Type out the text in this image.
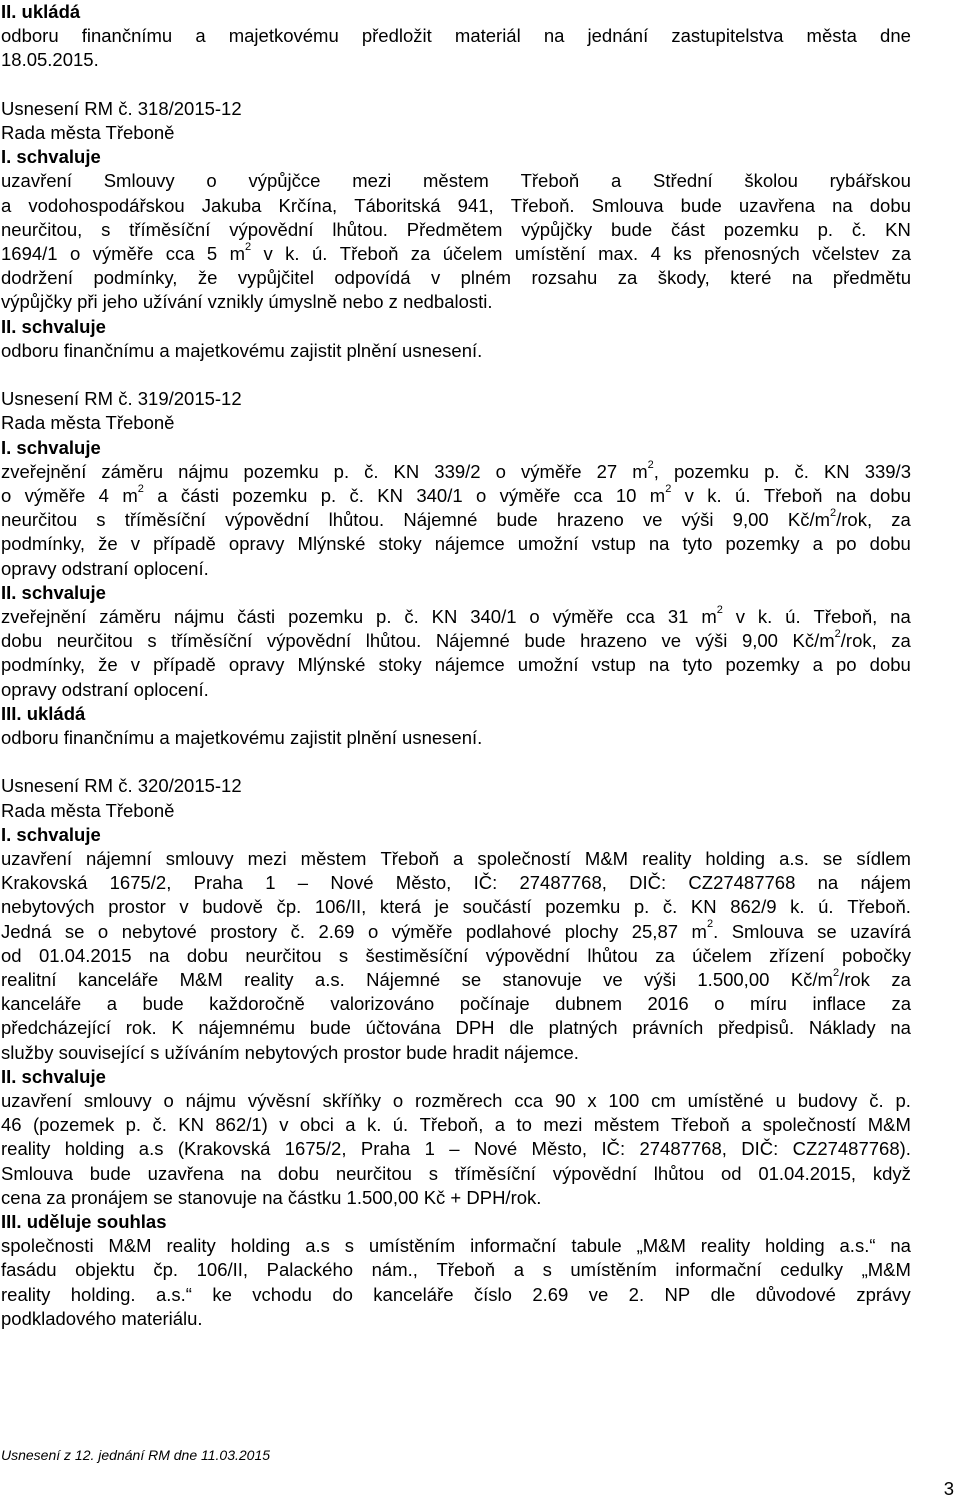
II. ukládá
odboru finančnímu a majetkovému předložit materiál na jednání zastupitelstva města dne
18.05.2015.
Usnesení RM č. 318/2015-12
Rada města Třeboně
I. schvaluje
uzavření Smlouvy o výpůjčce mezi městem Třeboň a Střední školou rybářskou
a vodohospodářskou Jakuba Krčína, Táboritská 941, Třeboň. Smlouva bude uzavřena na dobu
neurčitou, s tříměsíční výpovědní lhůtou. Předmětem výpůjčky bude část pozemku p. č. KN
1694/1 o výměře cca 5 $m^2$ v k. ú. Třeboň za účelem umístění max. 4 ks přenosných včelstev za
dodržení podmínky, že vypůjčitel odpovídá v plném rozsahu za škody, které na předmětu
výpůjčky při jeho užívání vznikly úmyslně nebo z nedbalosti.
II. schvaluje
odboru finančnímu a majetkovému zajistit plnění usnesení.
Usnesení RM č. 319/2015-12
Rada města Třeboně
I. schvaluje
zveřejnění záměru nájmu pozemku p. č. KN 339/2 o výměře 27 $m^2$, pozemku p. č. KN 339/3
o výměře 4 $m^2$ a části pozemku p. č. KN 340/1 o výměře cca 10 $m^2$ v k. ú. Třeboň na dobu
neurčitou s tříměsíční výpovědní lhůtou. Nájemné bude hrazeno ve výši 9,00 $Kč/m^2$/rok, za
podmínky, že v případě opravy Mlýnské stoky nájemce umožní vstup na tyto pozemky a po dobu
opravy odstraní oplocení.
II. schvaluje
zveřejnění záměru nájmu části pozemku p. č. KN 340/1 o výměře cca 31 $m^2$ v k. ú. Třeboň, na
dobu neurčitou s tříměsíční výpovědní lhůtou. Nájemné bude hrazeno ve výši 9,00 $Kč/m^2$/rok, za
podmínky, že v případě opravy Mlýnské stoky nájemce umožní vstup na tyto pozemky a po dobu
opravy odstraní oplocení.
III. ukládá
odboru finančnímu a majetkovému zajistit plnění usnesení.
Usnesení RM č. 320/2015-12
Rada města Třeboně
I. schvaluje
uzavření nájemní smlouvy mezi městem Třeboň a společností M&M reality holding a.s. se sídlem
Krakovská 1675/2, Praha 1 – Nové Město, IČ: 27487768, DIČ: CZ27487768 na nájem
nebytových prostor v budově čp. 106/II, která je součástí pozemku p. č. KN 862/9 k. ú. Třeboň.
Jedná se o nebytové prostory č. 2.69 o výměře podlahové plochy 25,87 $m^2$. Smlouva se uzavírá
od 01.04.2015 na dobu neurčitou s šestiměsíční výpovědní lhůtou za účelem zřízení pobočky
realitní kanceláře M&M reality a.s. Nájemné se stanovuje ve výši 1.500,00 $Kč/m^2$/rok za
kanceláře a bude každoročně valorizováno počínaje dubnem 2016 o míru inflace za
předcházející rok. K nájemnému bude účtována DPH dle platných právních předpisů. Náklady na
služby související s užíváním nebytových prostor bude hradit nájemce.
II. schvaluje
uzavření smlouvy o nájmu vývěsní skříňky o rozměrech cca 90 x 100 cm umístěné u budovy č. p.
46 (pozemek p. č. KN 862/1) v obci a k. ú. Třeboň, a to mezi městem Třeboň a společností M&M
reality holding a.s (Krakovská 1675/2, Praha 1 – Nové Město, IČ: 27487768, DIČ: CZ27487768).
Smlouva bude uzavřena na dobu neurčitou s tříměsíční výpovědní lhůtou od 01.04.2015, když
cena za pronájem se stanovuje na částku 1.500,00 Kč + DPH/rok.
III. uděluje souhlas
společnosti M&M reality holding a.s s umístěním informační tabule „M&M reality holding a.s.“ na
fasádu objektu čp. 106/II, Palackého nám., Třeboň a s umístěním informační cedulky „M&M
reality holding. a.s.“ ke vchodu do kanceláře číslo 2.69 ve 2. NP dle důvodové zprávy
podkladového materiálu.
Usnesení z 12. jednání RM dne 11.03.2015
3
